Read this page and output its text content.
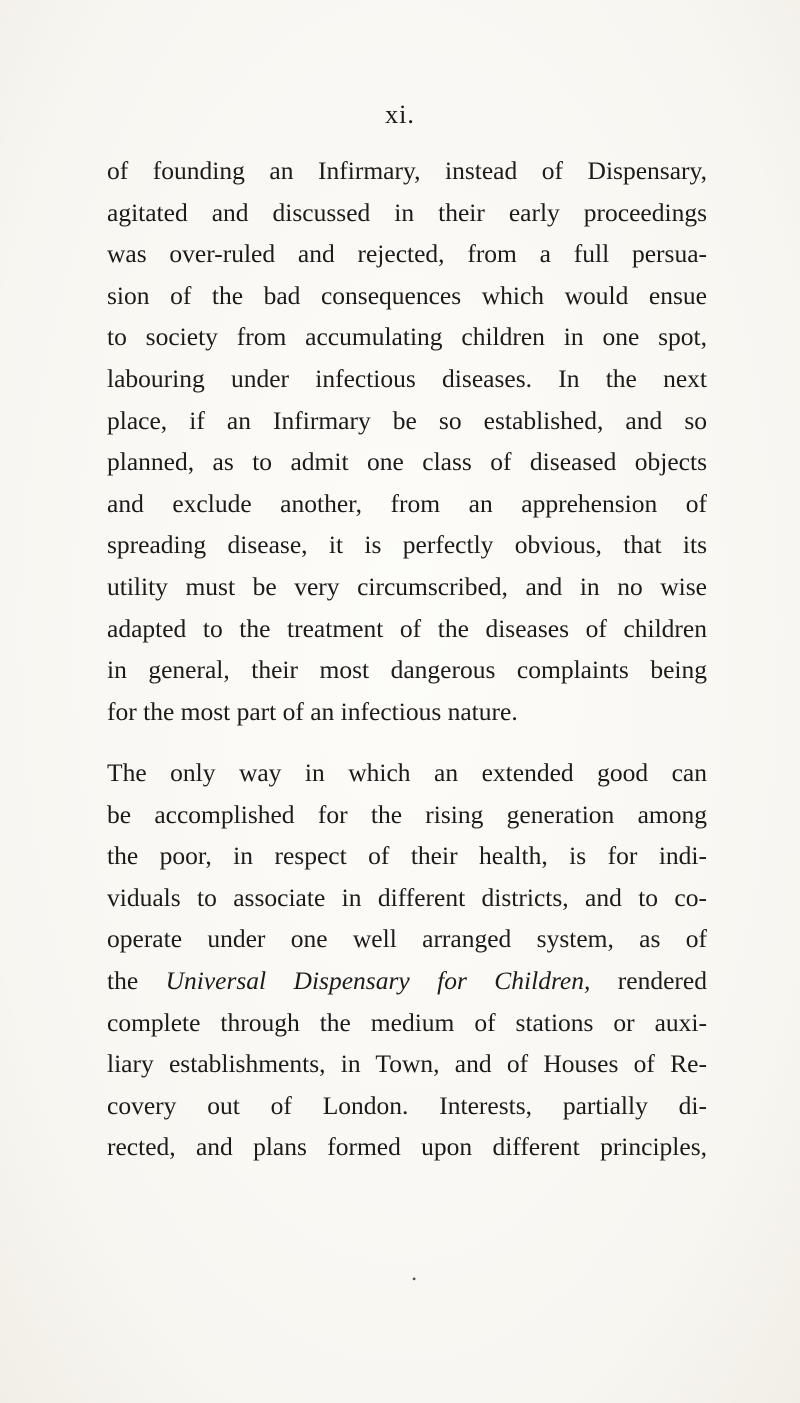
xi.
of founding an Infirmary, instead of Dispensary,
agitated and discussed in their early proceedings
was over-ruled and rejected, from a full persua-
sion of the bad consequences which would ensue
to society from accumulating children in one spot,
labouring under infectious diseases. In the next
place, if an Infirmary be so established, and so
planned, as to admit one class of diseased objects
and exclude another, from an apprehension of
spreading disease, it is perfectly obvious, that its
utility must be very circumscribed, and in no wise
adapted to the treatment of the diseases of children
in general, their most dangerous complaints being
for the most part of an infectious nature.
The only way in which an extended good can
be accomplished for the rising generation among
the poor, in respect of their health, is for indi-
viduals to associate in different districts, and to co-
operate under one well arranged system, as of
the Universal Dispensary for Children, rendered
complete through the medium of stations or auxi-
liary establishments, in Town, and of Houses of Re-
covery out of London. Interests, partially di-
rected, and plans formed upon different principles,
•
